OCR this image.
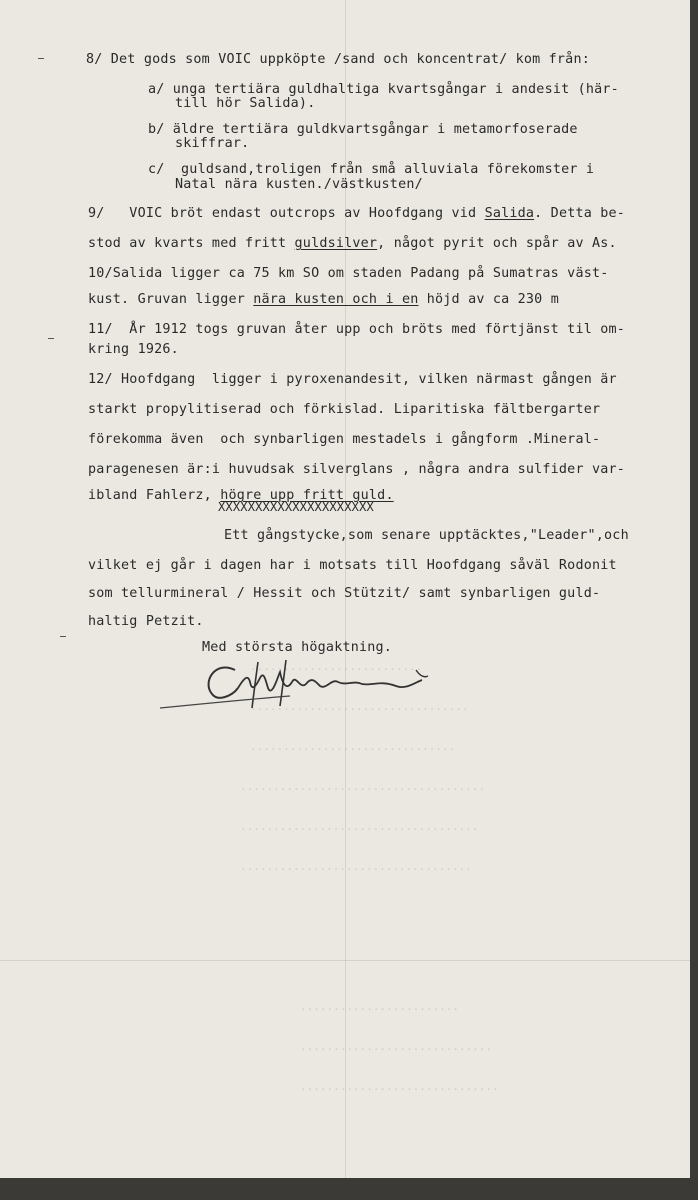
8/ Det gods som VOIC uppköpte /sand och koncentrat/ kom från:

a/ unga tertiära guldhaltiga kvartsgångar i andesit (här-

till hör Salida).

b/ äldre tertiära guldkvartsgångar i metamorfoserade

skiffrar.

c/  guldsand,troligen från små alluviala förekomster i

Natal nära kusten./västkusten/

9/   VOIC bröt endast outcrops av Hoofdgang vid Salida. Detta be-

stod av kvarts med fritt guldsilver, något pyrit och spår av As.

10/Salida ligger ca 75 km SO om staden Padang på Sumatras väst-

kust. Gruvan ligger nära kusten och i en höjd av ca 230 m

11/  År 1912 togs gruvan åter upp och bröts med förtjänst til om-

kring 1926.

12/ Hoofdgang  ligger i pyroxenandesit, vilken närmast gången är

starkt propylitiserad och förkislad. Liparitiska fältbergarter

förekomma även  och synbarligen mestadels i gångform .Mineral-

paragenesen är:i huvudsak silverglans , några andra sulfider var-

ibland Fahlerz, högre upp fritt guld.

XXXXXXXXXXXXXXXXXXXXX

Ett gångstycke,som senare upptäcktes,"Leader",och

vilket ej går i dagen har i motsats till Hoofdgang såväl Rodonit

som tellurmineral / Hessit och Stützit/ samt synbarligen guld-

haltig Petzit.

Med största högaktning.

..........................
.................................
...............................
.....................................
....................................
...................................
........................
.............................
..............................
